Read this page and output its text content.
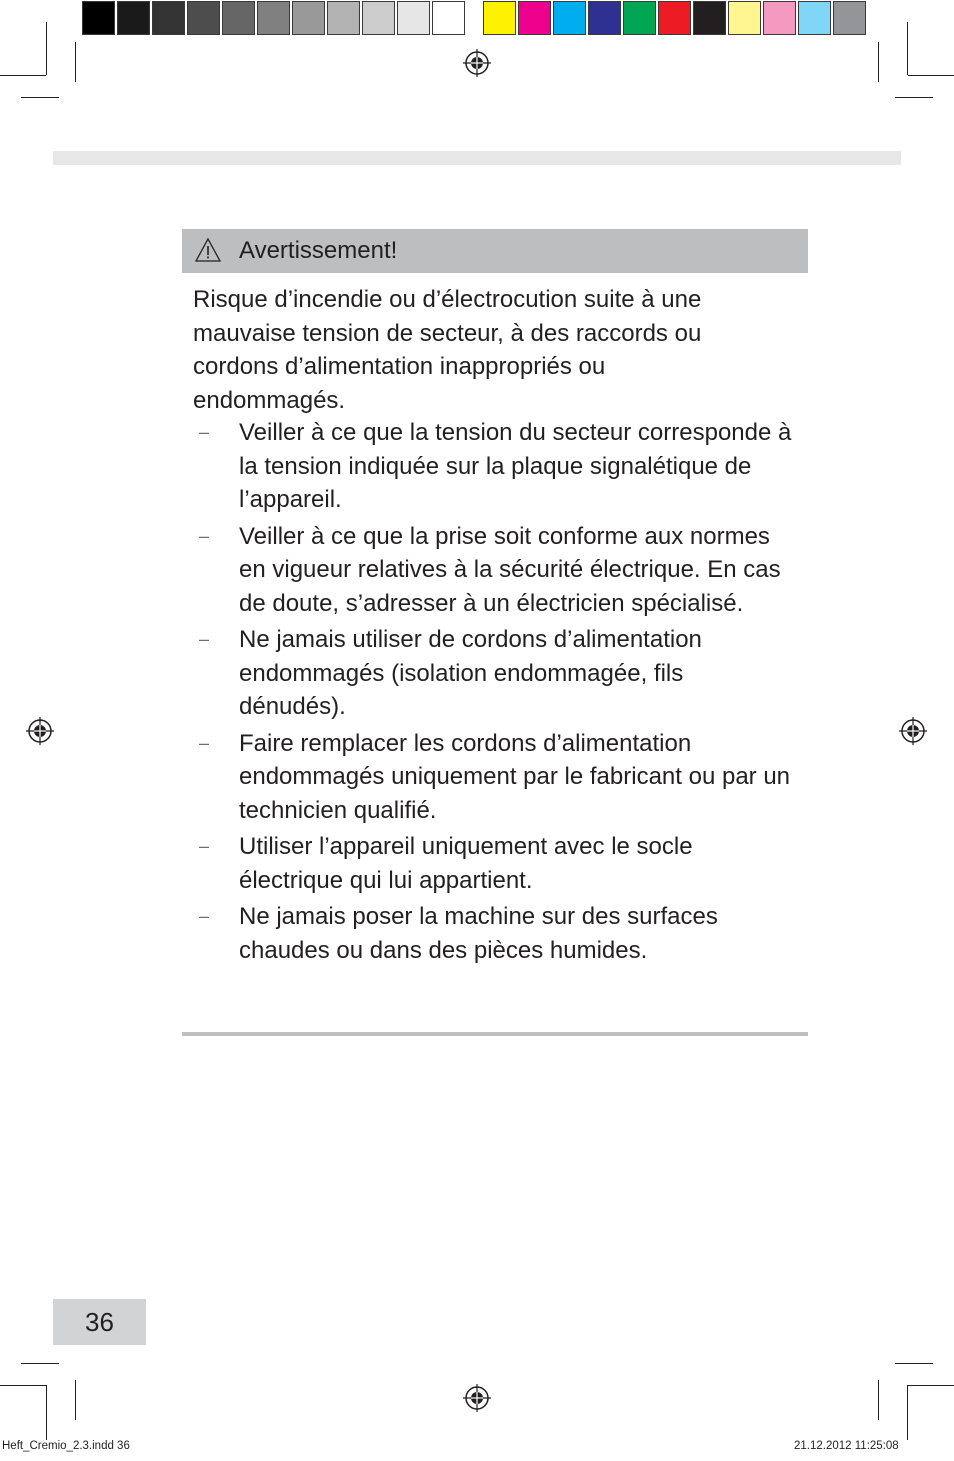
Avertissement!
Risque d’incendie ou d’électrocution suite à une mauvaise tension de secteur, à des raccords ou cordons d’alimentation inappropriés ou endommagés.
– Veiller à ce que la tension du secteur corresponde à la tension indiquée sur la plaque signalétique de l’appareil.
– Veiller à ce que la prise soit conforme aux normes en vigueur relatives à la sécurité électrique. En cas de doute, s’adresser à un électricien spécialisé.
– Ne jamais utiliser de cordons d’alimentation endommagés (isolation endommagée, fils dénudés).
– Faire remplacer les cordons d’alimentation endommagés uniquement par le fabricant ou par un technicien qualifié.
– Utiliser l’appareil uniquement avec le socle électrique qui lui appartient.
– Ne jamais poser la machine sur des surfaces chaudes ou dans des pièces humides.
36
Heft_Cremio_2.3.indd 36	21.12.2012 11:25:08
